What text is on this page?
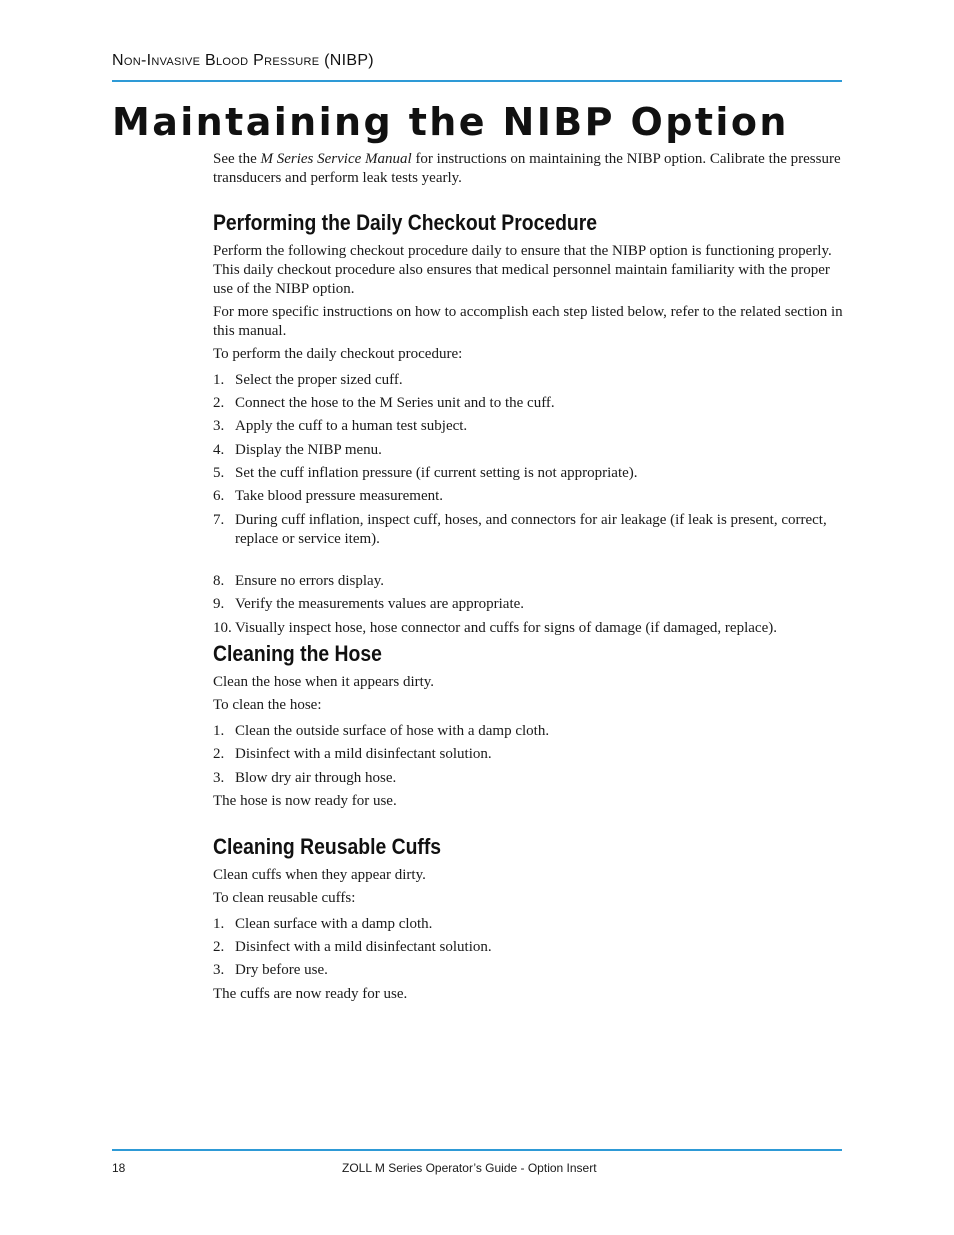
Non-Invasive Blood Pressure (NIBP)
Maintaining the NIBP Option

See the M Series Service Manual for instructions on maintaining the NIBP option. Calibrate the pressure transducers and perform leak tests yearly.

Performing the Daily Checkout Procedure

Perform the following checkout procedure daily to ensure that the NIBP option is functioning properly. This daily checkout procedure also ensures that medical personnel maintain familiarity with the proper use of the NIBP option.

For more specific instructions on how to accomplish each step listed below, refer to the related section in this manual.

To perform the daily checkout procedure:

1. Select the proper sized cuff.
2. Connect the hose to the M Series unit and to the cuff.
3. Apply the cuff to a human test subject.
4. Display the NIBP menu.
5. Set the cuff inflation pressure (if current setting is not appropriate).
6. Take blood pressure measurement.
7. During cuff inflation, inspect cuff, hoses, and connectors for air leakage (if leak is present, correct, replace or service item).
8. Ensure no errors display.
9. Verify the measurements values are appropriate.
10. Visually inspect hose, hose connector and cuffs for signs of damage (if damaged, replace).
Cleaning the Hose

Clean the hose when it appears dirty.

To clean the hose:

1. Clean the outside surface of hose with a damp cloth.
2. Disinfect with a mild disinfectant solution.
3. Blow dry air through hose.

The hose is now ready for use.

Cleaning Reusable Cuffs

Clean cuffs when they appear dirty.

To clean reusable cuffs:

1. Clean surface with a damp cloth.
2. Disinfect with a mild disinfectant solution.
3. Dry before use.

The cuffs are now ready for use.

18	ZOLL M Series Operator’s Guide - Option Insert
